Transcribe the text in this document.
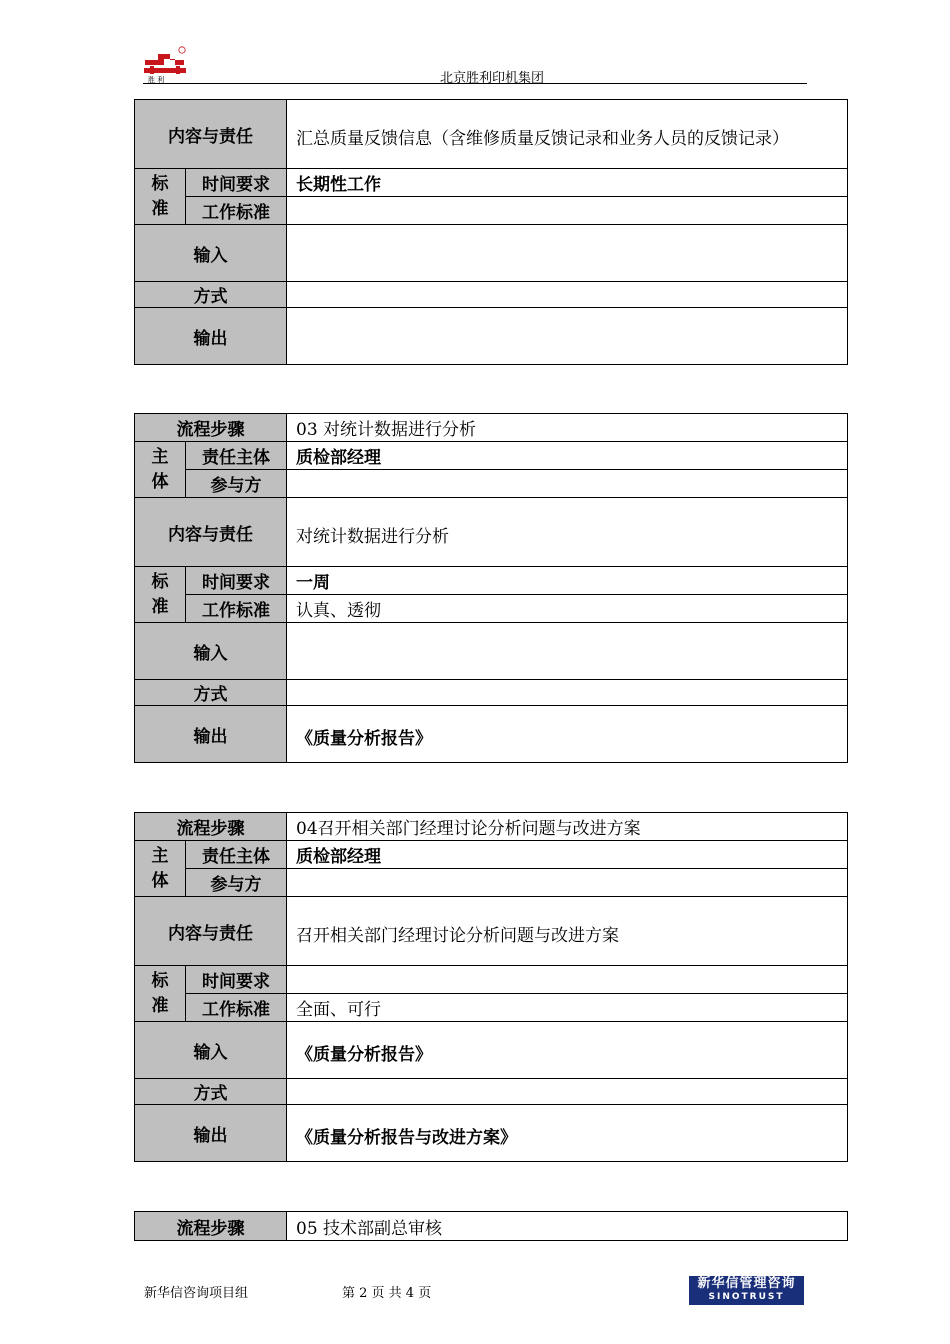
胜 利	北京胜利印机集团
内容与责任		汇总质量反馈信息（含维修质量反馈记录和业务人员的反馈记录）
标
准	时间要求	长期性工作
	工作标准	
输入		
方式		
输出		
流程步骤		03 对统计数据进行分析
主
体	责任主体	质检部经理
	参与方	
内容与责任		对统计数据进行分析
标
准	时间要求	一周
	工作标准	认真、透彻
输入		
方式		
输出		《质量分析报告》
流程步骤		04召开相关部门经理讨论分析问题与改进方案
主
体	责任主体	质检部经理
	参与方	
内容与责任		召开相关部门经理讨论分析问题与改进方案
标
准	时间要求	
	工作标准	全面、可行
输入		《质量分析报告》
方式		
输出		《质量分析报告与改进方案》
流程步骤	05 技术部副总审核
新华信咨询项目组	第 2 页 共 4 页
新华信管理咨询
SINOTRUST
